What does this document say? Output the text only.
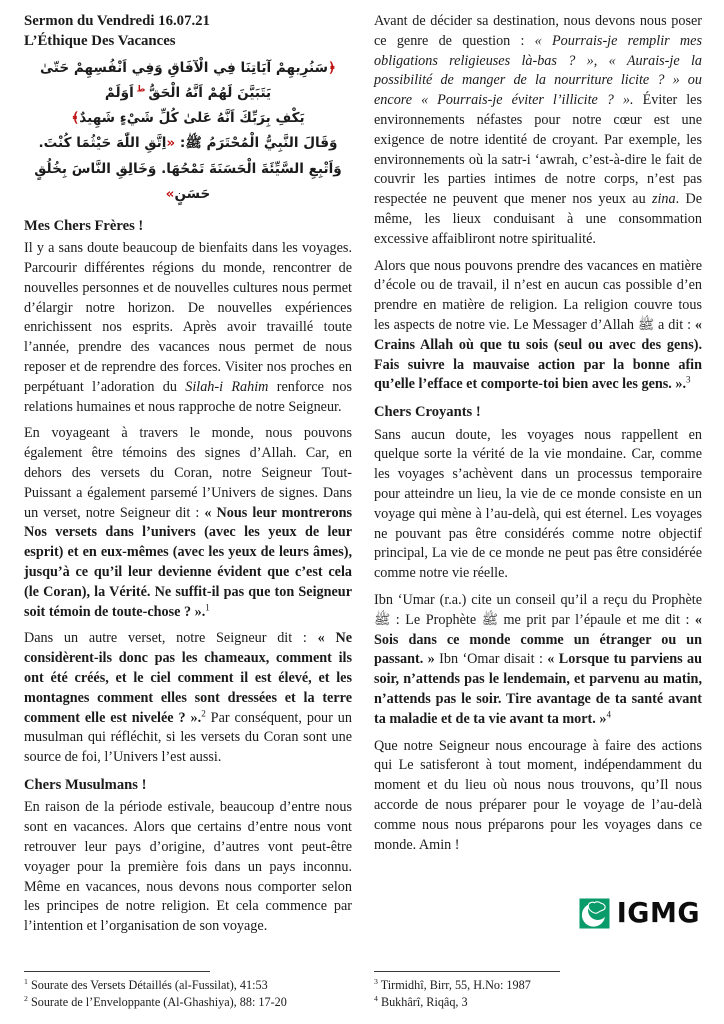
Sermon du Vendredi 16.07.21
L’Éthique Des Vacances
﴿سَنُرِيهِمْ آيَاتِنَا فِي الْآفَاقِ وَفِي اَنْفُسِهِمْ حَتّىٰ يَتَبَيَّنَ لَهُمْ اَنَّهُ الْحَقُّ $^ط$ اَوَلَمْ
يَكْفِ بِرَبِّكَ اَنَّهُ عَلىٰ كُلِّ شَيْءٍ شَهِيدٌ﴾
وَقَالَ النَّبِيُّ الْمُحْتَرَمُ ﷺ: «اِتَّقِ اللّٰهَ حَيْثُمَا كُنْتَ.
وَاَتْبِعِ السَّيِّئَةَ الْحَسَنَةَ تَمْحُهَا. وَخَالِقِ النَّاسَ بِخُلُقٍ حَسَنٍ»
Mes Chers Frères !

Il y a sans doute beaucoup de bienfaits dans les voyages. Parcourir différentes régions du monde, rencontrer de nouvelles personnes et de nouvelles cultures nous permet d’élargir notre horizon. De nouvelles expériences enrichissent nos esprits. Après avoir travaillé toute l’année, prendre des vacances nous permet de nous reposer et de reprendre des forces. Visiter nos proches en perpétuant l’adoration du Silah-i Rahim renforce nos relations humaines et nous rapproche de notre Seigneur.

En voyageant à travers le monde, nous pouvons également être témoins des signes d’Allah. Car, en dehors des versets du Coran, notre Seigneur Tout-Puissant a également parsemé l’Univers de signes. Dans un verset, notre Seigneur dit : « Nous leur montrerons Nos versets dans l’univers (avec les yeux de leur esprit) et en eux-mêmes (avec les yeux de leurs âmes), jusqu’à ce qu’il leur devienne évident que c’est cela (le Coran), la Vérité. Ne suffit-il pas que ton Seigneur soit témoin de toute-chose ? ».$^1$

Dans un autre verset, notre Seigneur dit : « Ne considèrent-ils donc pas les chameaux, comment ils ont été créés, et le ciel comment il est élevé, et les montagnes comment elles sont dressées et la terre comment elle est nivelée ? ».$^2$ Par conséquent, pour un musulman qui réfléchit, si les versets du Coran sont une source de foi, l’Univers l’est aussi.

Chers Musulmans !

En raison de la période estivale, beaucoup d’entre nous sont en vacances. Alors que certains d’entre nous vont retrouver leur pays d’origine, d’autres vont peut-être voyager pour la première fois dans un pays inconnu. Même en vacances, nous devons nous comporter selon les principes de notre religion. Et cela commence par l’intention et l’organisation de son voyage.

$^1$ Sourate des Versets Détaillés (al-Fussilat), 41:53
$^2$ Sourate de l’Enveloppante (Al-Ghashiya), 88: 17-20

Avant de décider sa destination, nous devons nous poser ce genre de question : « Pourrais-je remplir mes obligations religieuses là-bas ? », « Aurais-je la possibilité de manger de la nourriture licite ? » ou encore « Pourrais-je éviter l’illicite ? ». Éviter les environnements néfastes pour notre cœur est une exigence de notre identité de croyant. Par exemple, les environnements où la satr-i ʻawrah, c’est-à-dire le fait de couvrir les parties intimes de notre corps, n’est pas respectée ne peuvent que mener nos yeux au zina. De même, les lieux conduisant à une consommation excessive affaibliront notre spiritualité.

Alors que nous pouvons prendre des vacances en matière d’école ou de travail, il n’est en aucun cas possible d’en prendre en matière de religion. La religion couvre tous les aspects de notre vie. Le Messager d’Allah ﷺ a dit : « Crains Allah où que tu sois (seul ou avec des gens). Fais suivre la mauvaise action par la bonne afin qu’elle l’efface et comporte-toi bien avec les gens. ».$^3$

Chers Croyants !

Sans aucun doute, les voyages nous rappellent en quelque sorte la vérité de la vie mondaine. Car, comme les voyages s’achèvent dans un processus temporaire pour atteindre un lieu, la vie de ce monde consiste en un voyage qui mène à l’au-delà, qui est éternel. Les voyages ne pouvant pas être considérés comme notre objectif principal, La vie de ce monde ne peut pas être considérée comme notre vie réelle.

Ibn ʻUmar (r.a.) cite un conseil qu’il a reçu du Prophète ﷺ : Le Prophète ﷺ me prit par l’épaule et me dit : « Sois dans ce monde comme un étranger ou un passant. » Ibn ʻOmar disait : « Lorsque tu parviens au soir, n’attends pas le lendemain, et parvenu au matin, n’attends pas le soir. Tire avantage de ta santé avant ta maladie et de ta vie avant ta mort. »$^4$

Que notre Seigneur nous encourage à faire des actions qui Le satisferont à tout moment, indépendamment du moment et du lieu où nous nous trouvons, qu’Il nous accorde de nous préparer pour le voyage de l’au-delà comme nous nous préparons pour les voyages dans ce monde. Amin !

IGMG
$^3$ Tirmidhî, Birr, 55, H.No: 1987
$^4$ Bukhârî, Riqâq, 3
